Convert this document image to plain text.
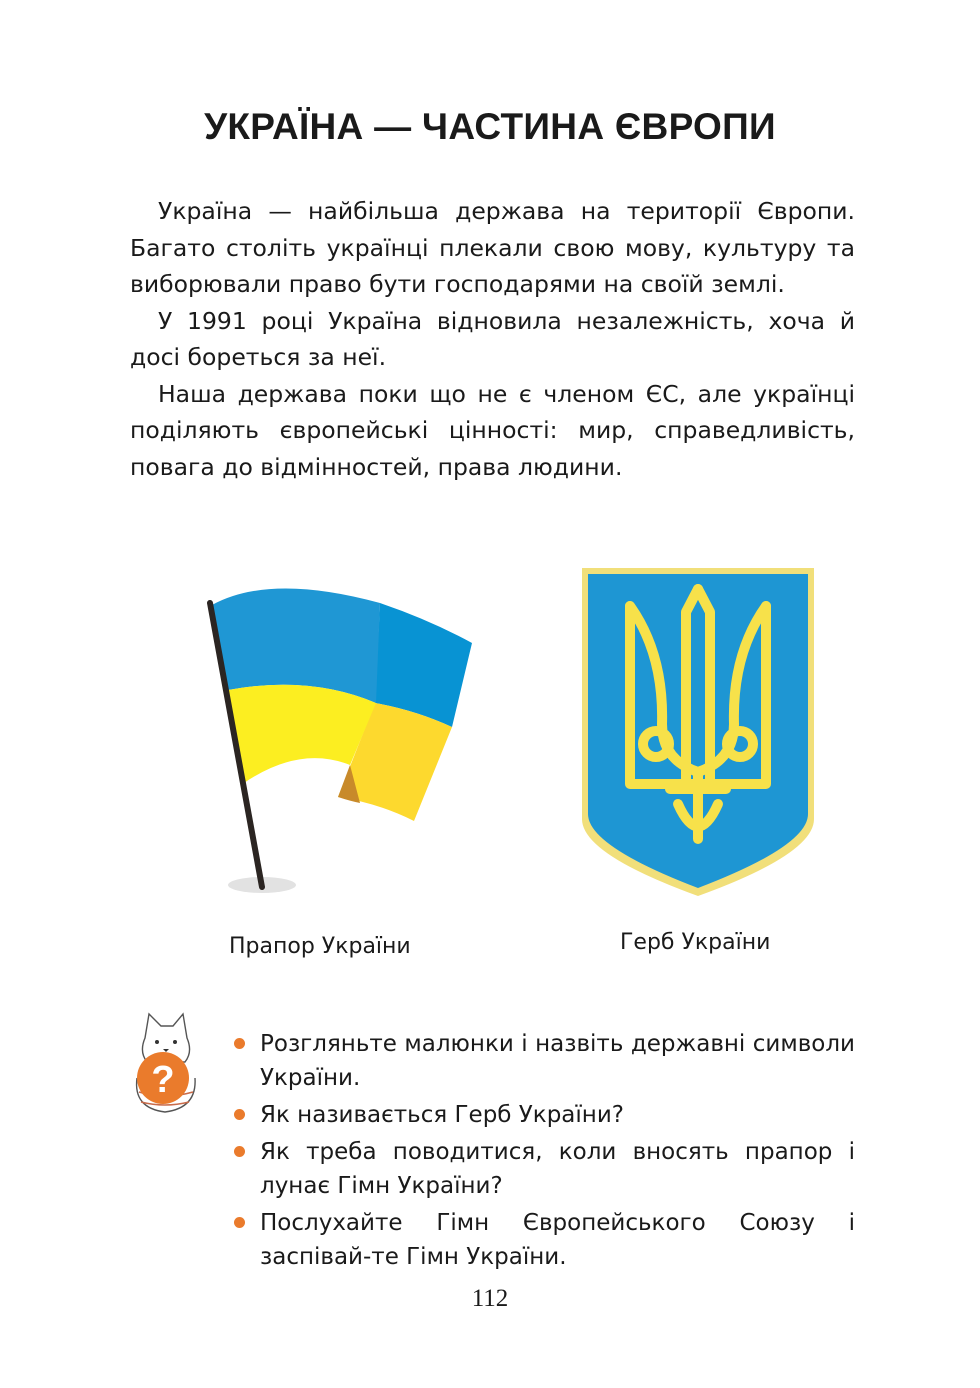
УКРАЇНА — ЧАСТИНА ЄВРОПИ

Україна — найбільша держава на території Європи. Багато століть українці плекали свою мову, культуру та виборювали право бути господарями на своїй землі.

У 1991 році Україна відновила незалежність, хоча й досі бореться за неї.

Наша держава поки що не є членом ЄС, але українці поділяють європейські цінності: мир, справедливість, повага до відмінностей, права людини.

Прапор України	Герб України
?
Розгляньте малюнки і назвіть державні символи України.
Як називається Герб України?
Як треба поводитися, коли вносять прапор і лунає Гімн України?
Послухайте Гімн Європейського Союзу і заспівай-те Гімн України.
112
